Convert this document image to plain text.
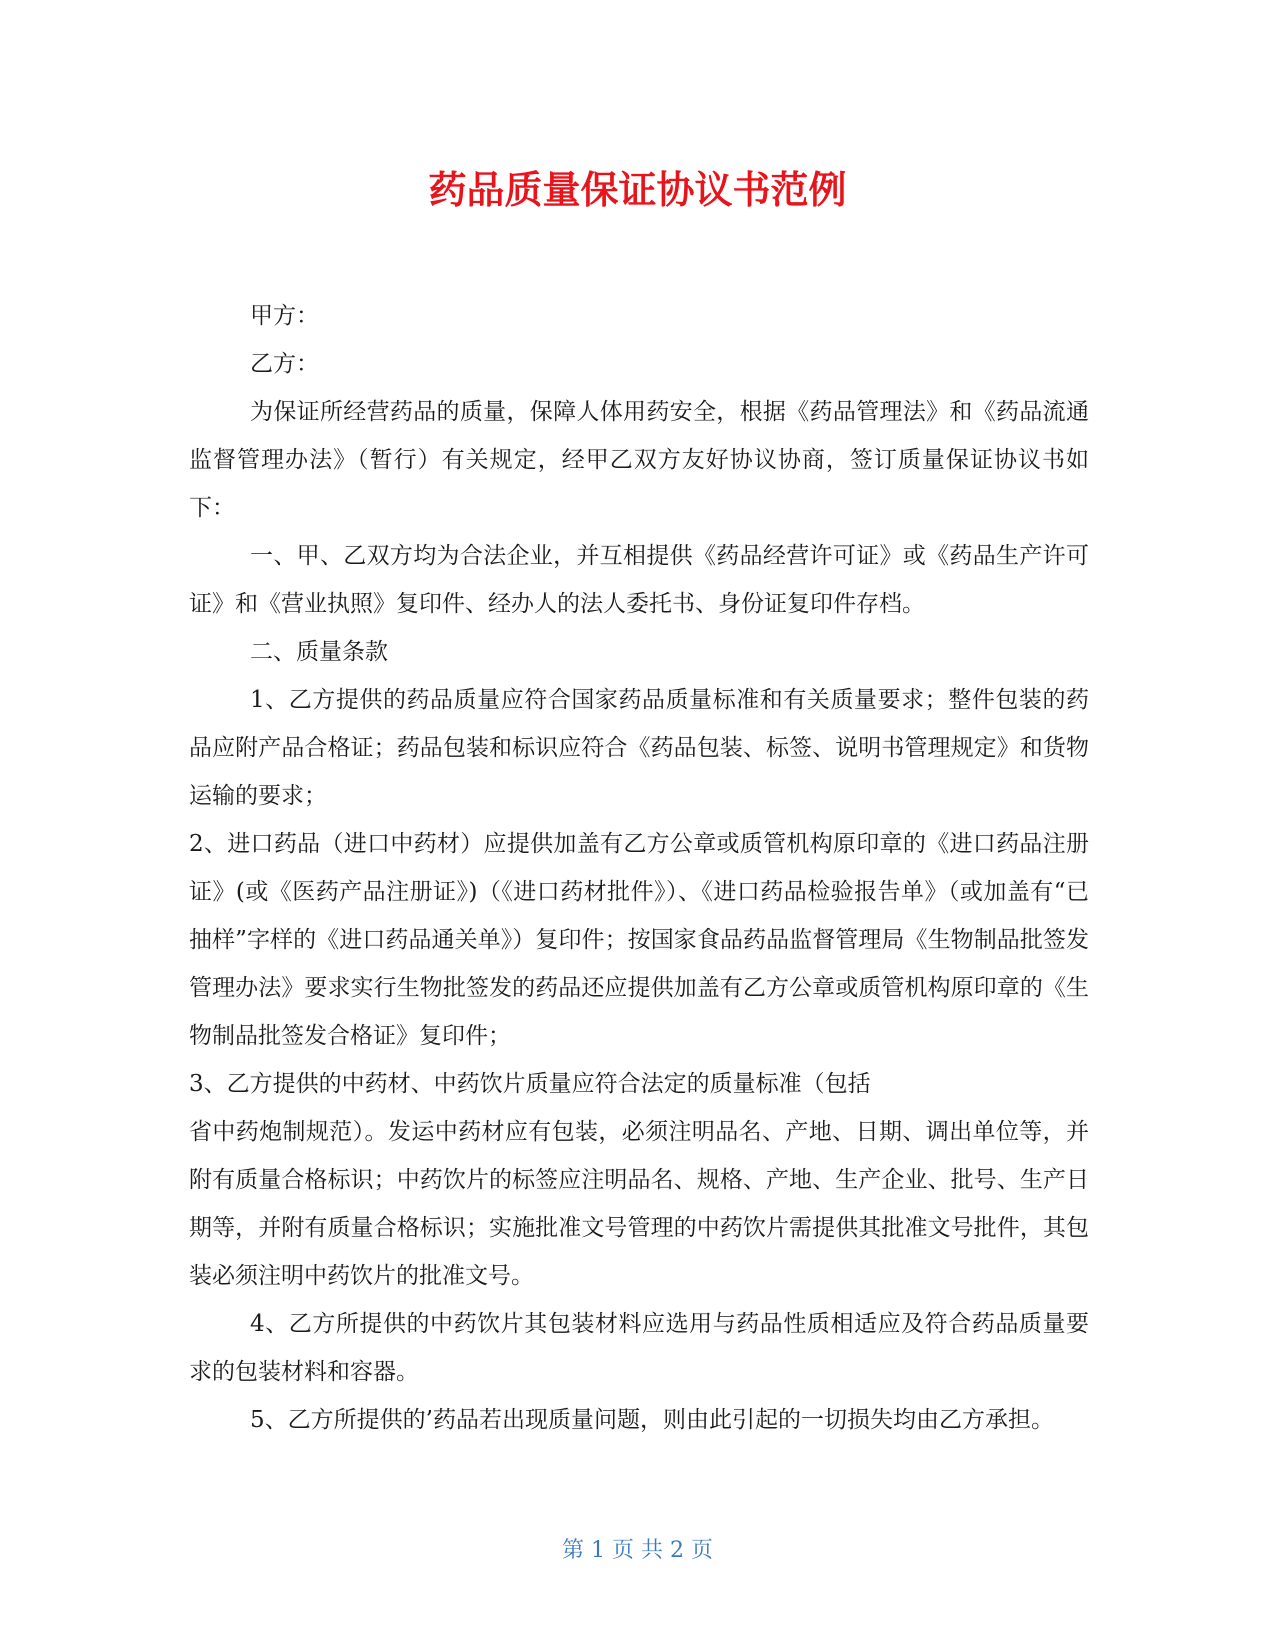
药品质量保证协议书范例

甲方：

乙方：

为保证所经营药品的质量，保障人体用药安全，根据《药品管理法》和《药品流通监督管理办法》（暂行）有关规定，经甲乙双方友好协议协商，签订质量保证协议书如下：

一、甲、乙双方均为合法企业，并互相提供《药品经营许可证》或《药品生产许可证》和《营业执照》复印件、经办人的法人委托书、身份证复印件存档。

二、质量条款

1、乙方提供的药品质量应符合国家药品质量标准和有关质量要求；整件包装的药品应附产品合格证；药品包装和标识应符合《药品包装、标签、说明书管理规定》和货物运输的要求；

2、进口药品（进口中药材）应提供加盖有乙方公章或质管机构原印章的《进口药品注册证》(或《医药产品注册证》)（《进口药材批件》）、《进口药品检验报告单》（或加盖有“已抽样”字样的《进口药品通关单》）复印件；按国家食品药品监督管理局《生物制品批签发管理办法》要求实行生物批签发的药品还应提供加盖有乙方公章或质管机构原印章的《生物制品批签发合格证》复印件；

3、乙方提供的中药材、中药饮片质量应符合法定的质量标准（包括
省中药炮制规范）。发运中药材应有包装，必须注明品名、产地、日期、调出单位等，并附有质量合格标识；中药饮片的标签应注明品名、规格、产地、生产企业、批号、生产日期等，并附有质量合格标识；实施批准文号管理的中药饮片需提供其批准文号批件，其包装必须注明中药饮片的批准文号。

4、乙方所提供的中药饮片其包装材料应选用与药品性质相适应及符合药品质量要求的包装材料和容器。

5、乙方所提供的’药品若出现质量问题，则由此引起的一切损失均由乙方承担。

第 1 页 共 2 页
